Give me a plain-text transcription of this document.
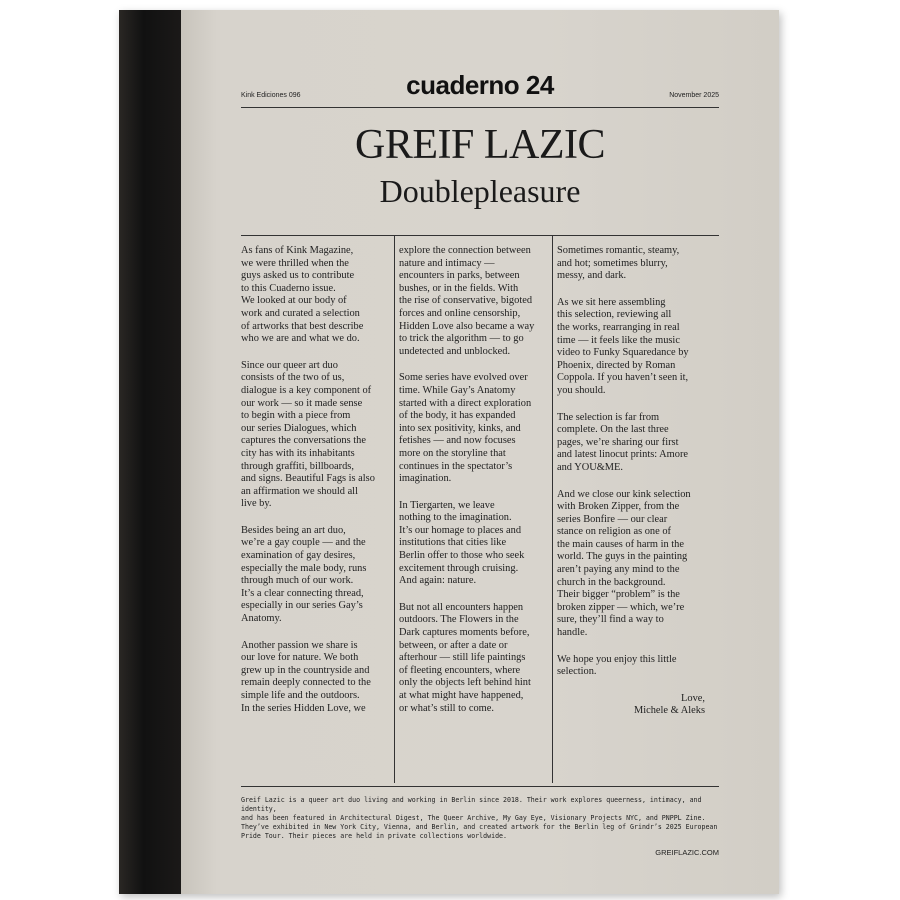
Kink Ediciones 096	cuaderno 24	November 2025
GREIF LAZIC
Doublepleasure

As fans of Kink Magazine,
we were thrilled when the
guys asked us to contribute
to this Cuaderno issue.
We looked at our body of
work and curated a selection
of artworks that best describe
who we are and what we do.

Since our queer art duo
consists of the two of us,
dialogue is a key component of
our work — so it made sense
to begin with a piece from
our series Dialogues, which
captures the conversations the
city has with its inhabitants
through graffiti, billboards,
and signs. Beautiful Fags is also
an affirmation we should all
live by.

Besides being an art duo,
we’re a gay couple — and the
examination of gay desires,
especially the male body, runs
through much of our work.
It’s a clear connecting thread,
especially in our series Gay’s
Anatomy.

Another passion we share is
our love for nature. We both
grew up in the countryside and
remain deeply connected to the
simple life and the outdoors.
In the series Hidden Love, we

explore the connection between
nature and intimacy —
encounters in parks, between
bushes, or in the fields. With
the rise of conservative, bigoted
forces and online censorship,
Hidden Love also became a way
to trick the algorithm — to go
undetected and unblocked.

Some series have evolved over
time. While Gay’s Anatomy
started with a direct exploration
of the body, it has expanded
into sex positivity, kinks, and
fetishes — and now focuses
more on the storyline that
continues in the spectator’s
imagination.

In Tiergarten, we leave
nothing to the imagination.
It’s our homage to places and
institutions that cities like
Berlin offer to those who seek
excitement through cruising.
And again: nature.

But not all encounters happen
outdoors. The Flowers in the
Dark captures moments before,
between, or after a date or
afterhour — still life paintings
of fleeting encounters, where
only the objects left behind hint
at what might have happened,
or what’s still to come.

Sometimes romantic, steamy,
and hot; sometimes blurry,
messy, and dark.

As we sit here assembling
this selection, reviewing all
the works, rearranging in real
time — it feels like the music
video to Funky Squaredance by
Phoenix, directed by Roman
Coppola. If you haven’t seen it,
you should.

The selection is far from
complete. On the last three
pages, we’re sharing our first
and latest linocut prints: Amore
and YOU&ME.

And we close our kink selection
with Broken Zipper, from the
series Bonfire — our clear
stance on religion as one of
the main causes of harm in the
world. The guys in the painting
aren’t paying any mind to the
church in the background.
Their bigger “problem” is the
broken zipper — which, we’re
sure, they’ll find a way to
handle.

We hope you enjoy this little
selection.

Love,
Michele & Aleks

Greif Lazic is a queer art duo living and working in Berlin since 2018. Their work explores queerness, intimacy, and identity,
and has been featured in Architectural Digest, The Queer Archive, My Gay Eye, Visionary Projects NYC, and PNPPL Zine.
They’ve exhibited in New York City, Vienna, and Berlin, and created artwork for the Berlin leg of Grindr’s 2025 European
Pride Tour. Their pieces are held in private collections worldwide.
GREIFLAZIC.COM
